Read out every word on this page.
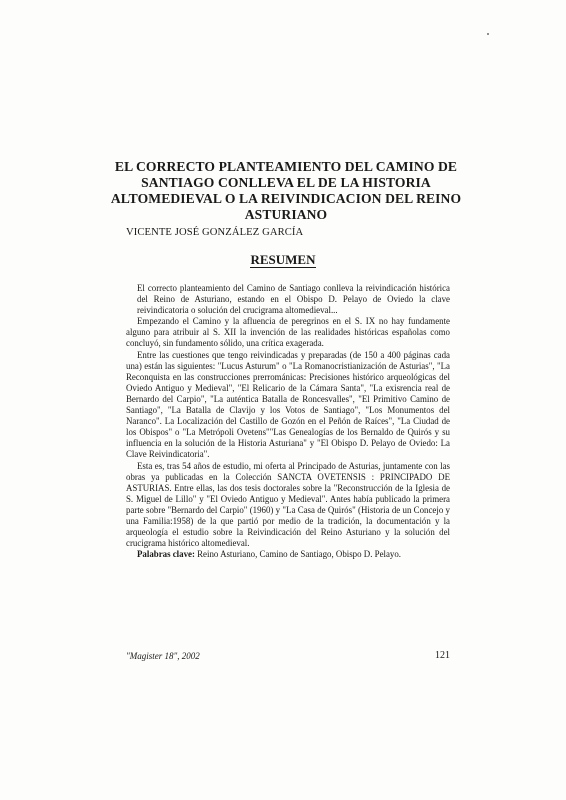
EL CORRECTO PLANTEAMIENTO DEL CAMINO DE
SANTIAGO CONLLEVA EL DE LA HISTORIA
ALTOMEDIEVAL O LA REIVINDICACION DEL REINO
ASTURIANO
VICENTE JOSÉ GONZÁLEZ GARCÍA
RESUMEN

El correcto planteamiento del Camino de Santiago conlleva la reivindicación histórica del Reino de Asturiano, estando en el Obispo D. Pelayo de Oviedo la clave reivindicatoria o solución del crucigrama altomedieval...

Empezando el Camino y la afluencia de peregrinos en el S. IX no hay fundamente alguno para atribuir al S. XII la invención de las realidades históricas españolas como concluyó, sin fundamento sólido, una crítica exagerada.

Entre las cuestiones que tengo reivindicadas y preparadas (de 150 a 400 páginas cada una) están las siguientes: "Lucus Asturum" o "La Romanocristianización de Asturias", "La Reconquista en las construcciones prerrománicas: Precisiones histórico arqueológicas del Oviedo Antiguo y Medieval", "El Relicario de la Cámara Santa", "La exisrencia real de Bernardo del Carpio", "La auténtica Batalla de Roncesvalles", "El Primitivo Camino de Santiago", "La Batalla de Clavijo y los Votos de Santiago", "Los Monumentos del Naranco". La Localización del Castillo de Gozón en el Peñón de Raíces", "La Ciudad de los Obispos" o "La Metrópoli Ovetens""Las Genealogías de los Bernaldo de Quirós y su influencia en la solución de la Historia Asturiana" y "El Obispo D. Pelayo de Oviedo: La Clave Reivindicatoria".

Esta es, tras 54 años de estudio, mi oferta al Principado de Asturias, juntamente con las obras ya publicadas en la Colección SANCTA OVETENSIS : PRINCIPADO DE ASTURIAS. Entre ellas, las dos tesis doctorales sobre la "Reconstrucción de la Iglesia de S. Miguel de Lillo" y "El Oviedo Antiguo y Medieval". Antes había publicado la primera parte sobre "Bernardo del Carpio" (1960) y "La Casa de Quirós" (Historia de un Concejo y una Familia:1958) de la que partió por medio de la tradición, la documentación y la arqueología el estudio sobre la Reivindicación del Reino Asturiano y la solución del crucigrama histórico altomedieval.

Palabras clave: Reino Asturiano, Camino de Santiago, Obispo D. Pelayo.

"Magister 18", 2002	121
